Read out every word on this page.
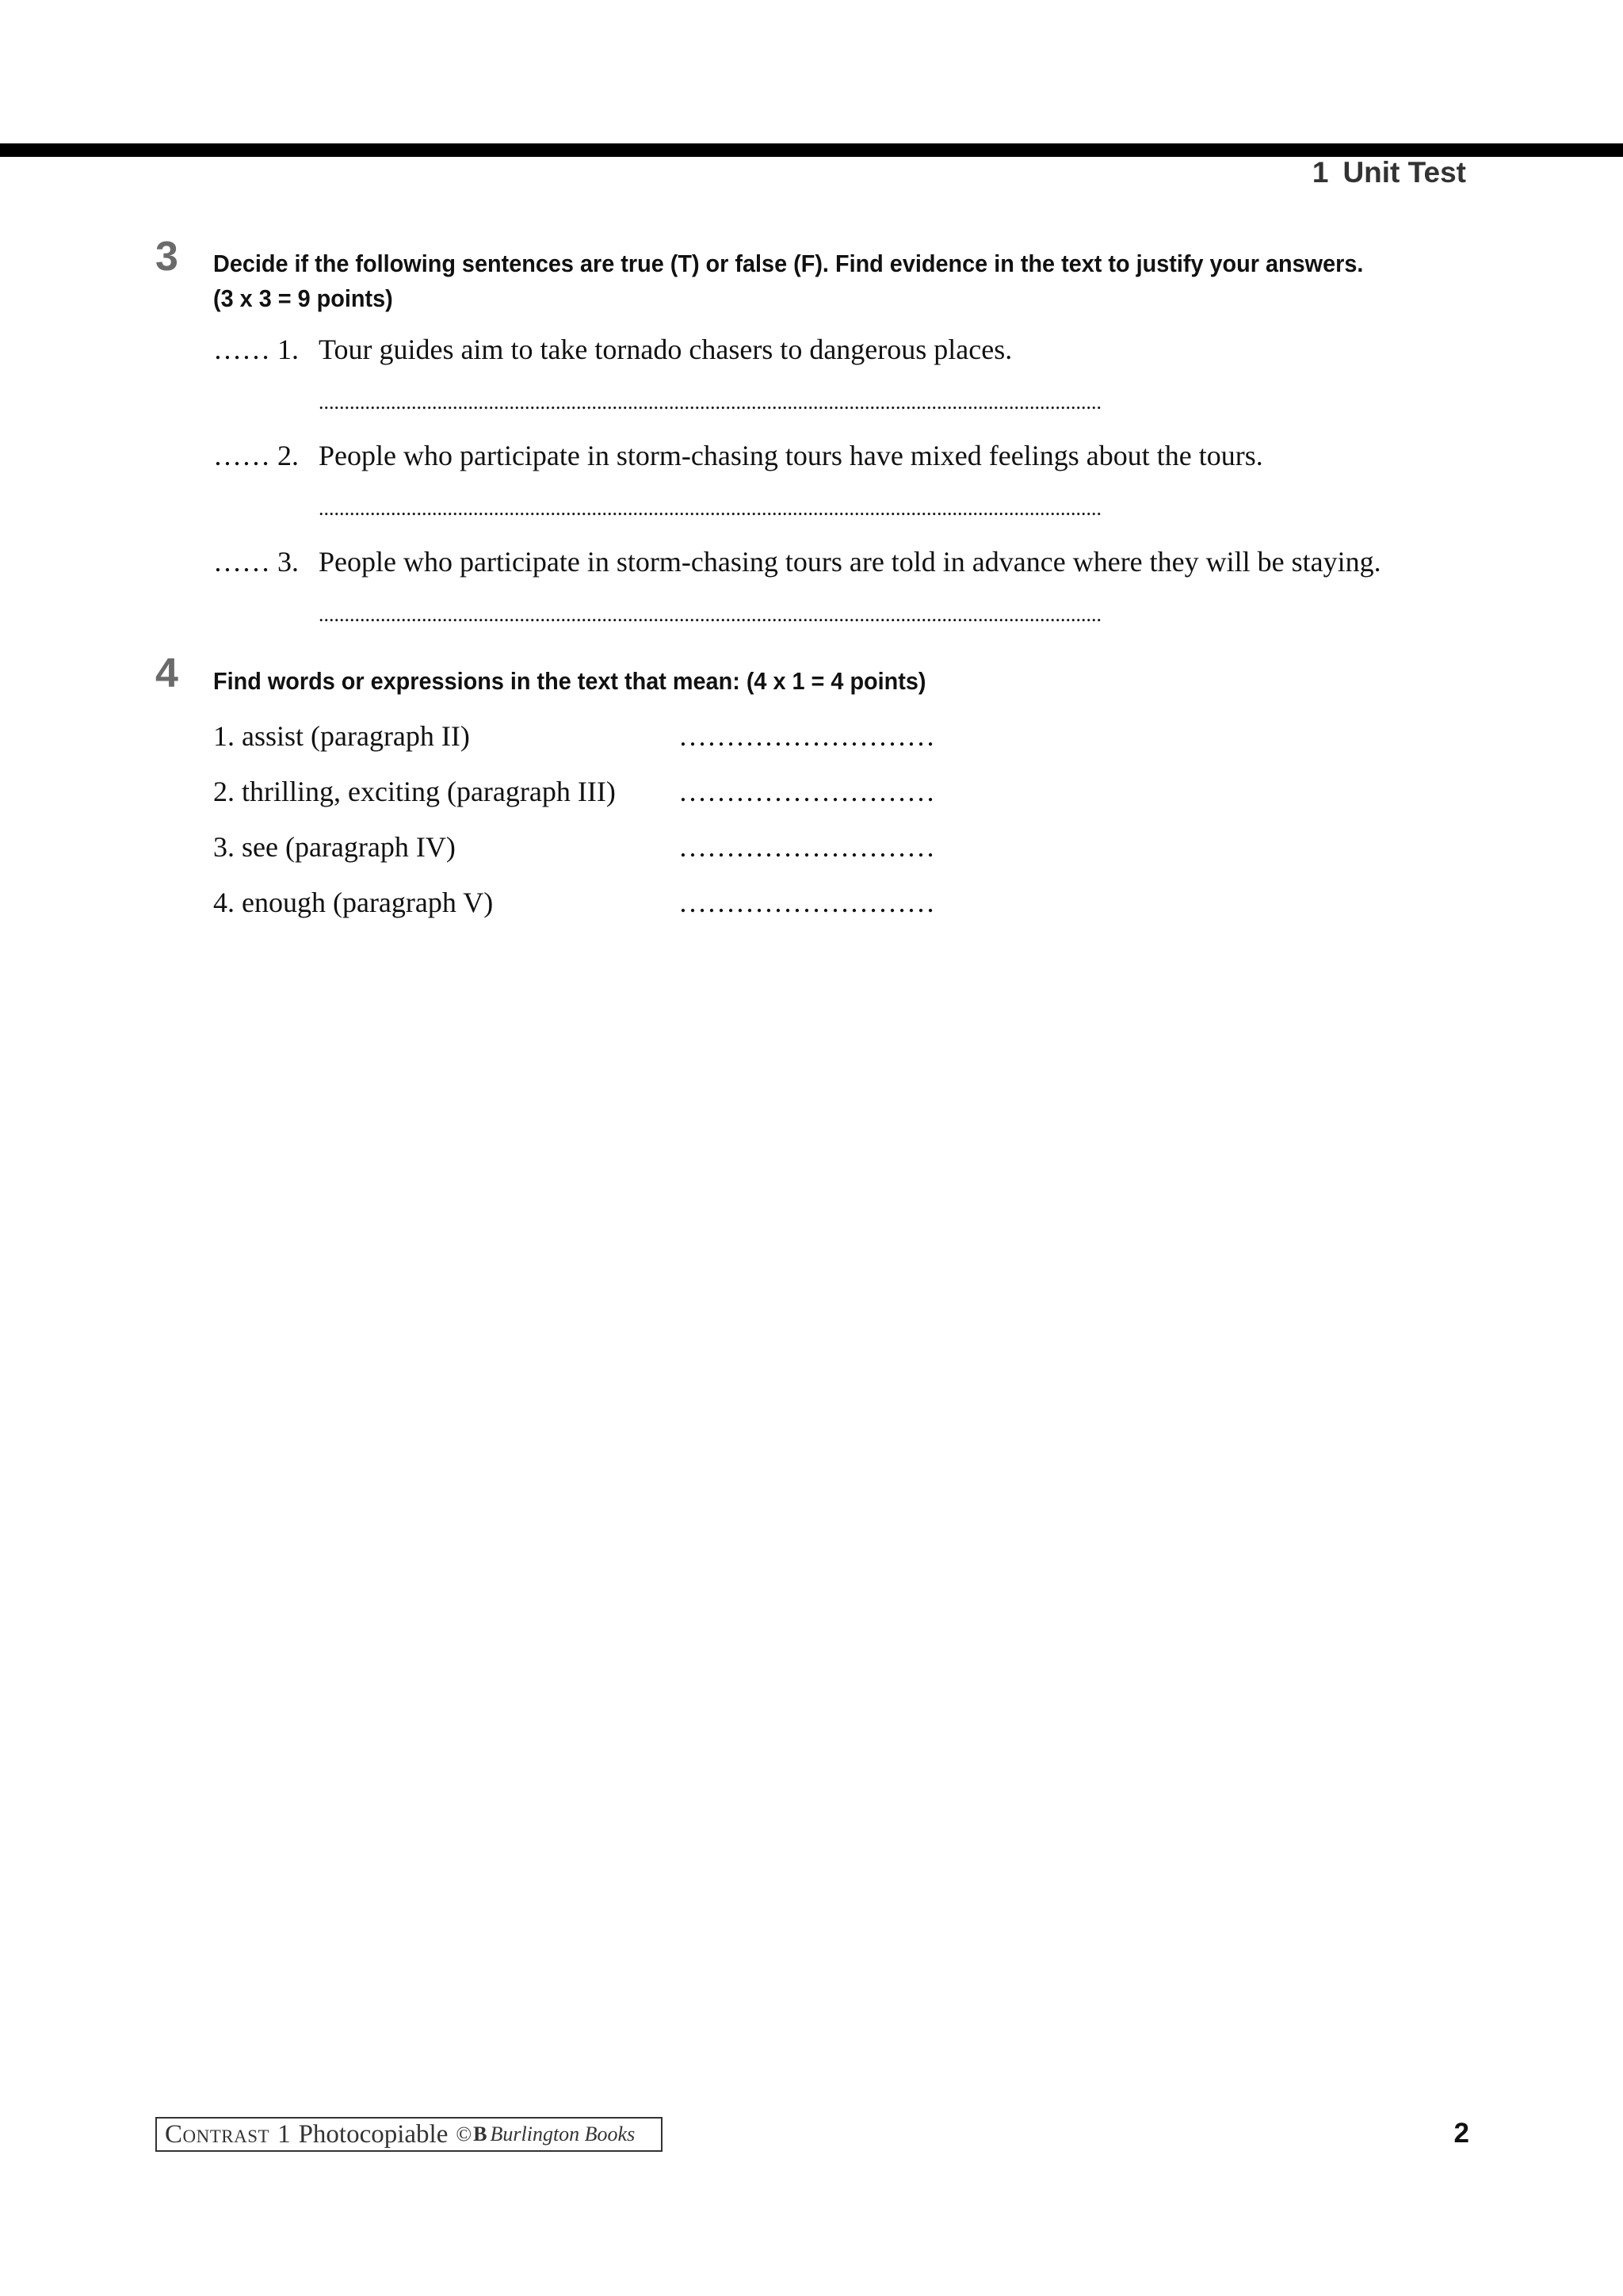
1 Unit Test
3 Decide if the following sentences are true (T) or false (F). Find evidence in the text to justify your answers.
(3 x 3 = 9 points)
…… 1. Tour guides aim to take tornado chasers to dangerous places.
........................................................................................................................................................
…… 2. People who participate in storm-chasing tours have mixed feelings about the tours.
........................................................................................................................................................
…… 3. People who participate in storm-chasing tours are told in advance where they will be staying.
........................................................................................................................................................
4 Find words or expressions in the text that mean: (4 x 1 = 4 points)
1. assist (paragraph II)	………………………
2. thrilling, exciting (paragraph III) ………………………
3. see (paragraph IV)	………………………
4. enough (paragraph V)	………………………
Contrast 1 Photocopiable © B Burlington Books	2
